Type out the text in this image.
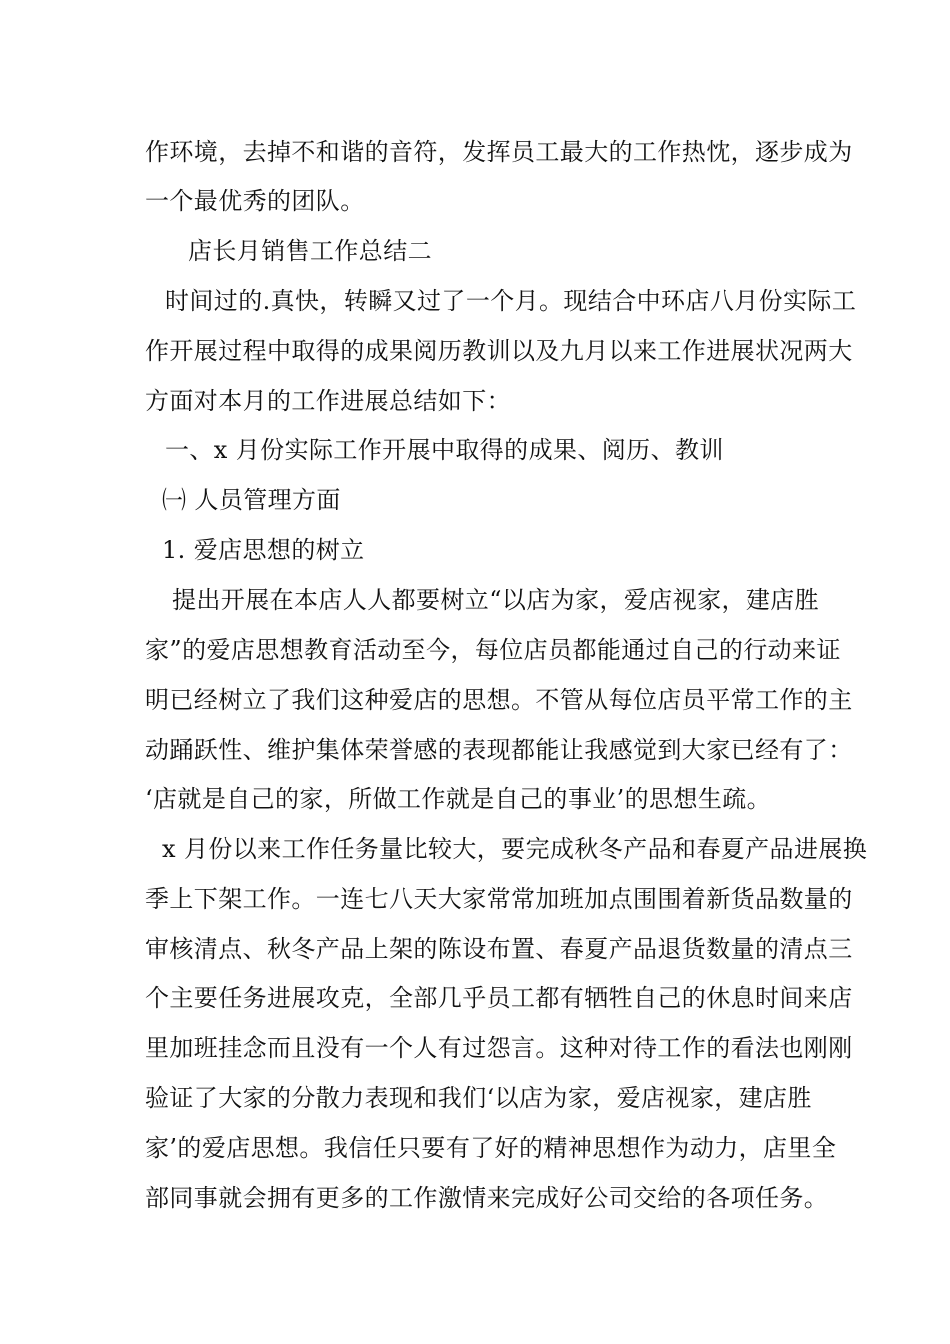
作环境，去掉不和谐的音符，发挥员工最大的工作热忱，逐步成为
一个最优秀的团队。
店长月销售工作总结二
时间过的.真快，转瞬又过了一个月。现结合中环店八月份实际工
作开展过程中取得的成果阅历教训以及九月以来工作进展状况两大
方面对本月的工作进展总结如下：
一、x 月份实际工作开展中取得的成果、阅历、教训
㈠ 人员管理方面
1. 爱店思想的树立
提出开展在本店人人都要树立“以店为家，爱店视家，建店胜
家”的爱店思想教育活动至今，每位店员都能通过自己的行动来证
明已经树立了我们这种爱店的思想。不管从每位店员平常工作的主
动踊跃性、维护集体荣誉感的表现都能让我感觉到大家已经有了：
‘店就是自己的家，所做工作就是自己的事业’的思想生疏。
x 月份以来工作任务量比较大，要完成秋冬产品和春夏产品进展换
季上下架工作。一连七八天大家常常加班加点围围着新货品数量的
审核清点、秋冬产品上架的陈设布置、春夏产品退货数量的清点三
个主要任务进展攻克，全部几乎员工都有牺牲自己的休息时间来店
里加班挂念而且没有一个人有过怨言。这种对待工作的看法也刚刚
验证了大家的分散力表现和我们‘以店为家，爱店视家，建店胜
家’的爱店思想。我信任只要有了好的精神思想作为动力，店里全
部同事就会拥有更多的工作激情来完成好公司交给的各项任务。
